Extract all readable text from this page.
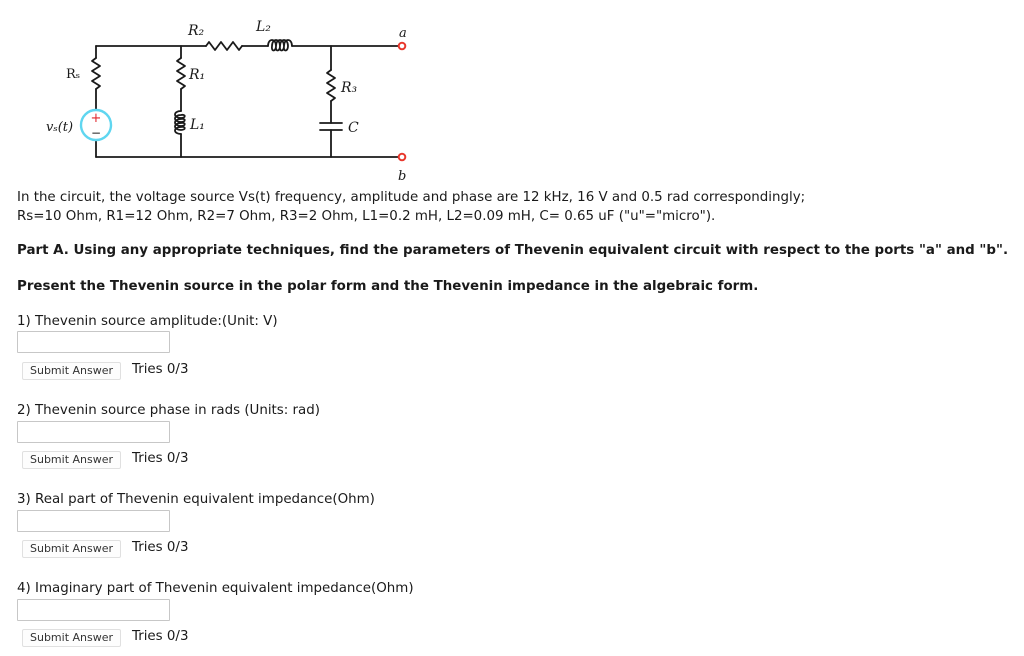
+
−
R₂	L₂	a
Rₛ	R₁
R₃
vₛ(t)	L₁	C
b

In the circuit, the voltage source Vs(t) frequency, amplitude and phase are 12 kHz, 16 V and 0.5 rad correspondingly;

Rs=10 Ohm, R1=12 Ohm, R2=7 Ohm, R3=2 Ohm, L1=0.2 mH, L2=0.09 mH, C= 0.65 uF ("u"="micro").

Part A. Using any appropriate techniques, find the parameters of Thevenin equivalent circuit with respect to the ports "a" and "b".

Present the Thevenin source in the polar form and the Thevenin impedance in the algebraic form.

1) Thevenin source amplitude:(Unit: V)

Submit Answer	Tries 0/3

2) Thevenin source phase in rads (Units: rad)

Submit Answer	Tries 0/3

3) Real part of Thevenin equivalent impedance(Ohm)

Submit Answer	Tries 0/3

4) Imaginary part of Thevenin equivalent impedance(Ohm)

Submit Answer	Tries 0/3
